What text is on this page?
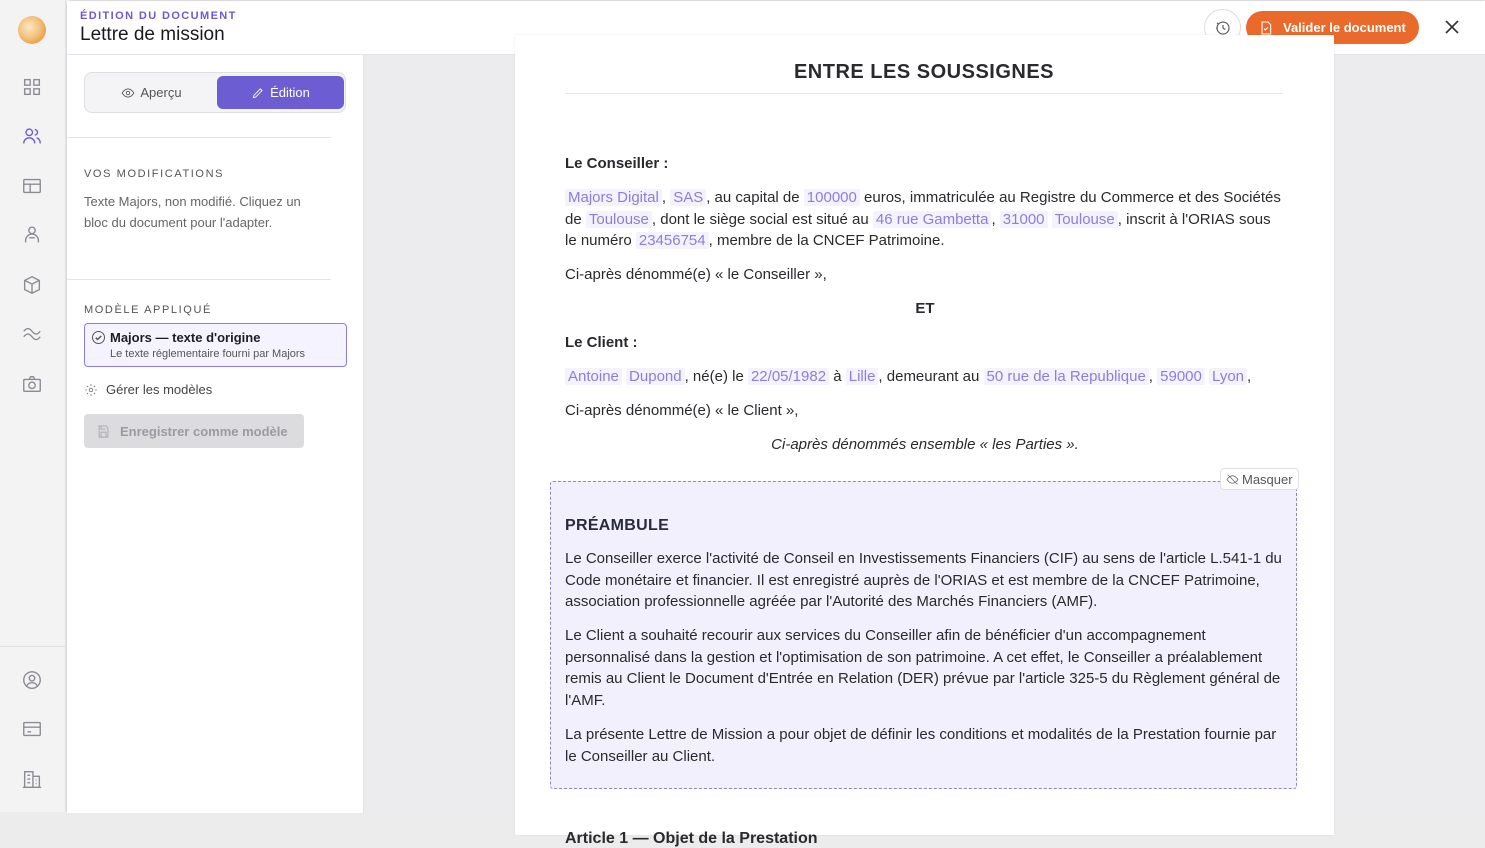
ÉDITION DU DOCUMENT
Lettre de mission	Valider le document
Aperçu	Édition
VOS MODIFICATIONS
Texte Majors, non modifié. Cliquez un bloc du document pour l'adapter.
MODÈLE APPLIQUÉ
Majors — texte d'origine
Le texte réglementaire fourni par Majors
Gérer les modèles
Enregistrer comme modèle
ENTRE LES SOUSSIGNES
Le Conseiller :
Majors Digital , SAS , au capital de 100000 euros, immatriculée au Registre du Commerce et des Sociétés de Toulouse , dont le siège social est situé au 46 rue Gambetta , 31000 Toulouse , inscrit à l'ORIAS sous le numéro 23456754 , membre de la CNCEF Patrimoine.
Ci-après dénommé(e) « le Conseiller »,
ET
Le Client :
Antoine Dupond , né(e) le 22/05/1982 à Lille , demeurant au 50 rue de la Republique , 59000 Lyon ,
Ci-après dénommé(e) « le Client »,
Ci-après dénommés ensemble « les Parties ».
Masquer
PRÉAMBULE
Le Conseiller exerce l'activité de Conseil en Investissements Financiers (CIF) au sens de l'article L.541-1 du Code monétaire et financier. Il est enregistré auprès de l'ORIAS et est membre de la CNCEF Patrimoine, association professionnelle agréée par l'Autorité des Marchés Financiers (AMF).
Le Client a souhaité recourir aux services du Conseiller afin de bénéficier d'un accompagnement personnalisé dans la gestion et l'optimisation de son patrimoine. A cet effet, le Conseiller a préalablement remis au Client le Document d'Entrée en Relation (DER) prévue par l'article 325-5 du Règlement général de l'AMF.
La présente Lettre de Mission a pour objet de définir les conditions et modalités de la Prestation fournie par le Conseiller au Client.
Article 1 — Objet de la Prestation
